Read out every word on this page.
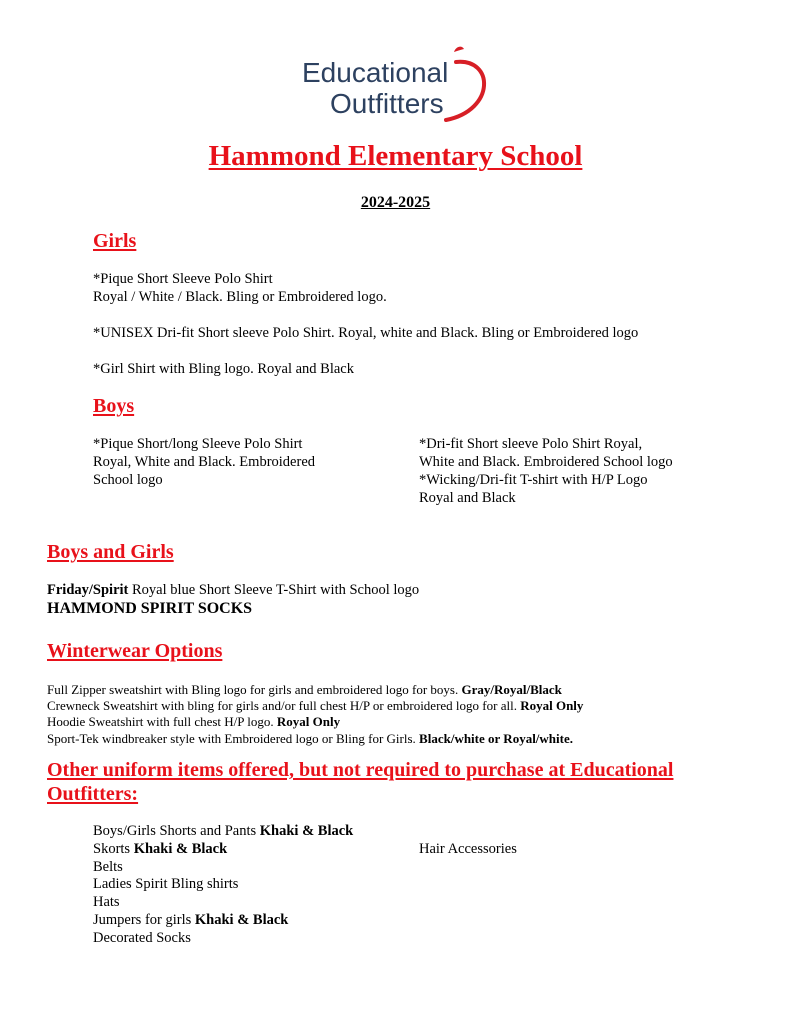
Educational
Outfitters
Hammond Elementary School
2024-2025
Girls
*Pique Short Sleeve Polo Shirt
Royal / White / Black. Bling or Embroidered logo.
*UNISEX Dri-fit Short sleeve Polo Shirt. Royal, white and Black. Bling or Embroidered logo
*Girl Shirt with Bling logo. Royal and Black
Boys
*Pique Short/long Sleeve Polo Shirt
Royal, White and Black. Embroidered
School logo
*Dri-fit Short sleeve Polo Shirt Royal,
White and Black. Embroidered School logo
*Wicking/Dri-fit T-shirt with H/P Logo
Royal and Black
Boys and Girls
Friday/Spirit Royal blue Short Sleeve T-Shirt with School logo
HAMMOND SPIRIT SOCKS
Winterwear Options
Full Zipper sweatshirt with Bling logo for girls and embroidered logo for boys. Gray/Royal/Black
Crewneck Sweatshirt with bling for girls and/or full chest H/P or embroidered logo for all. Royal Only
Hoodie Sweatshirt with full chest H/P logo. Royal Only
Sport-Tek windbreaker style with Embroidered logo or Bling for Girls. Black/white or Royal/white.
Other uniform items offered, but not required to purchase at Educational
Outfitters:
Boys/Girls Shorts and Pants Khaki & Black
Skorts Khaki & Black
Belts
Ladies Spirit Bling shirts
Hats
Jumpers for girls Khaki & Black
Decorated Socks
Hair Accessories
